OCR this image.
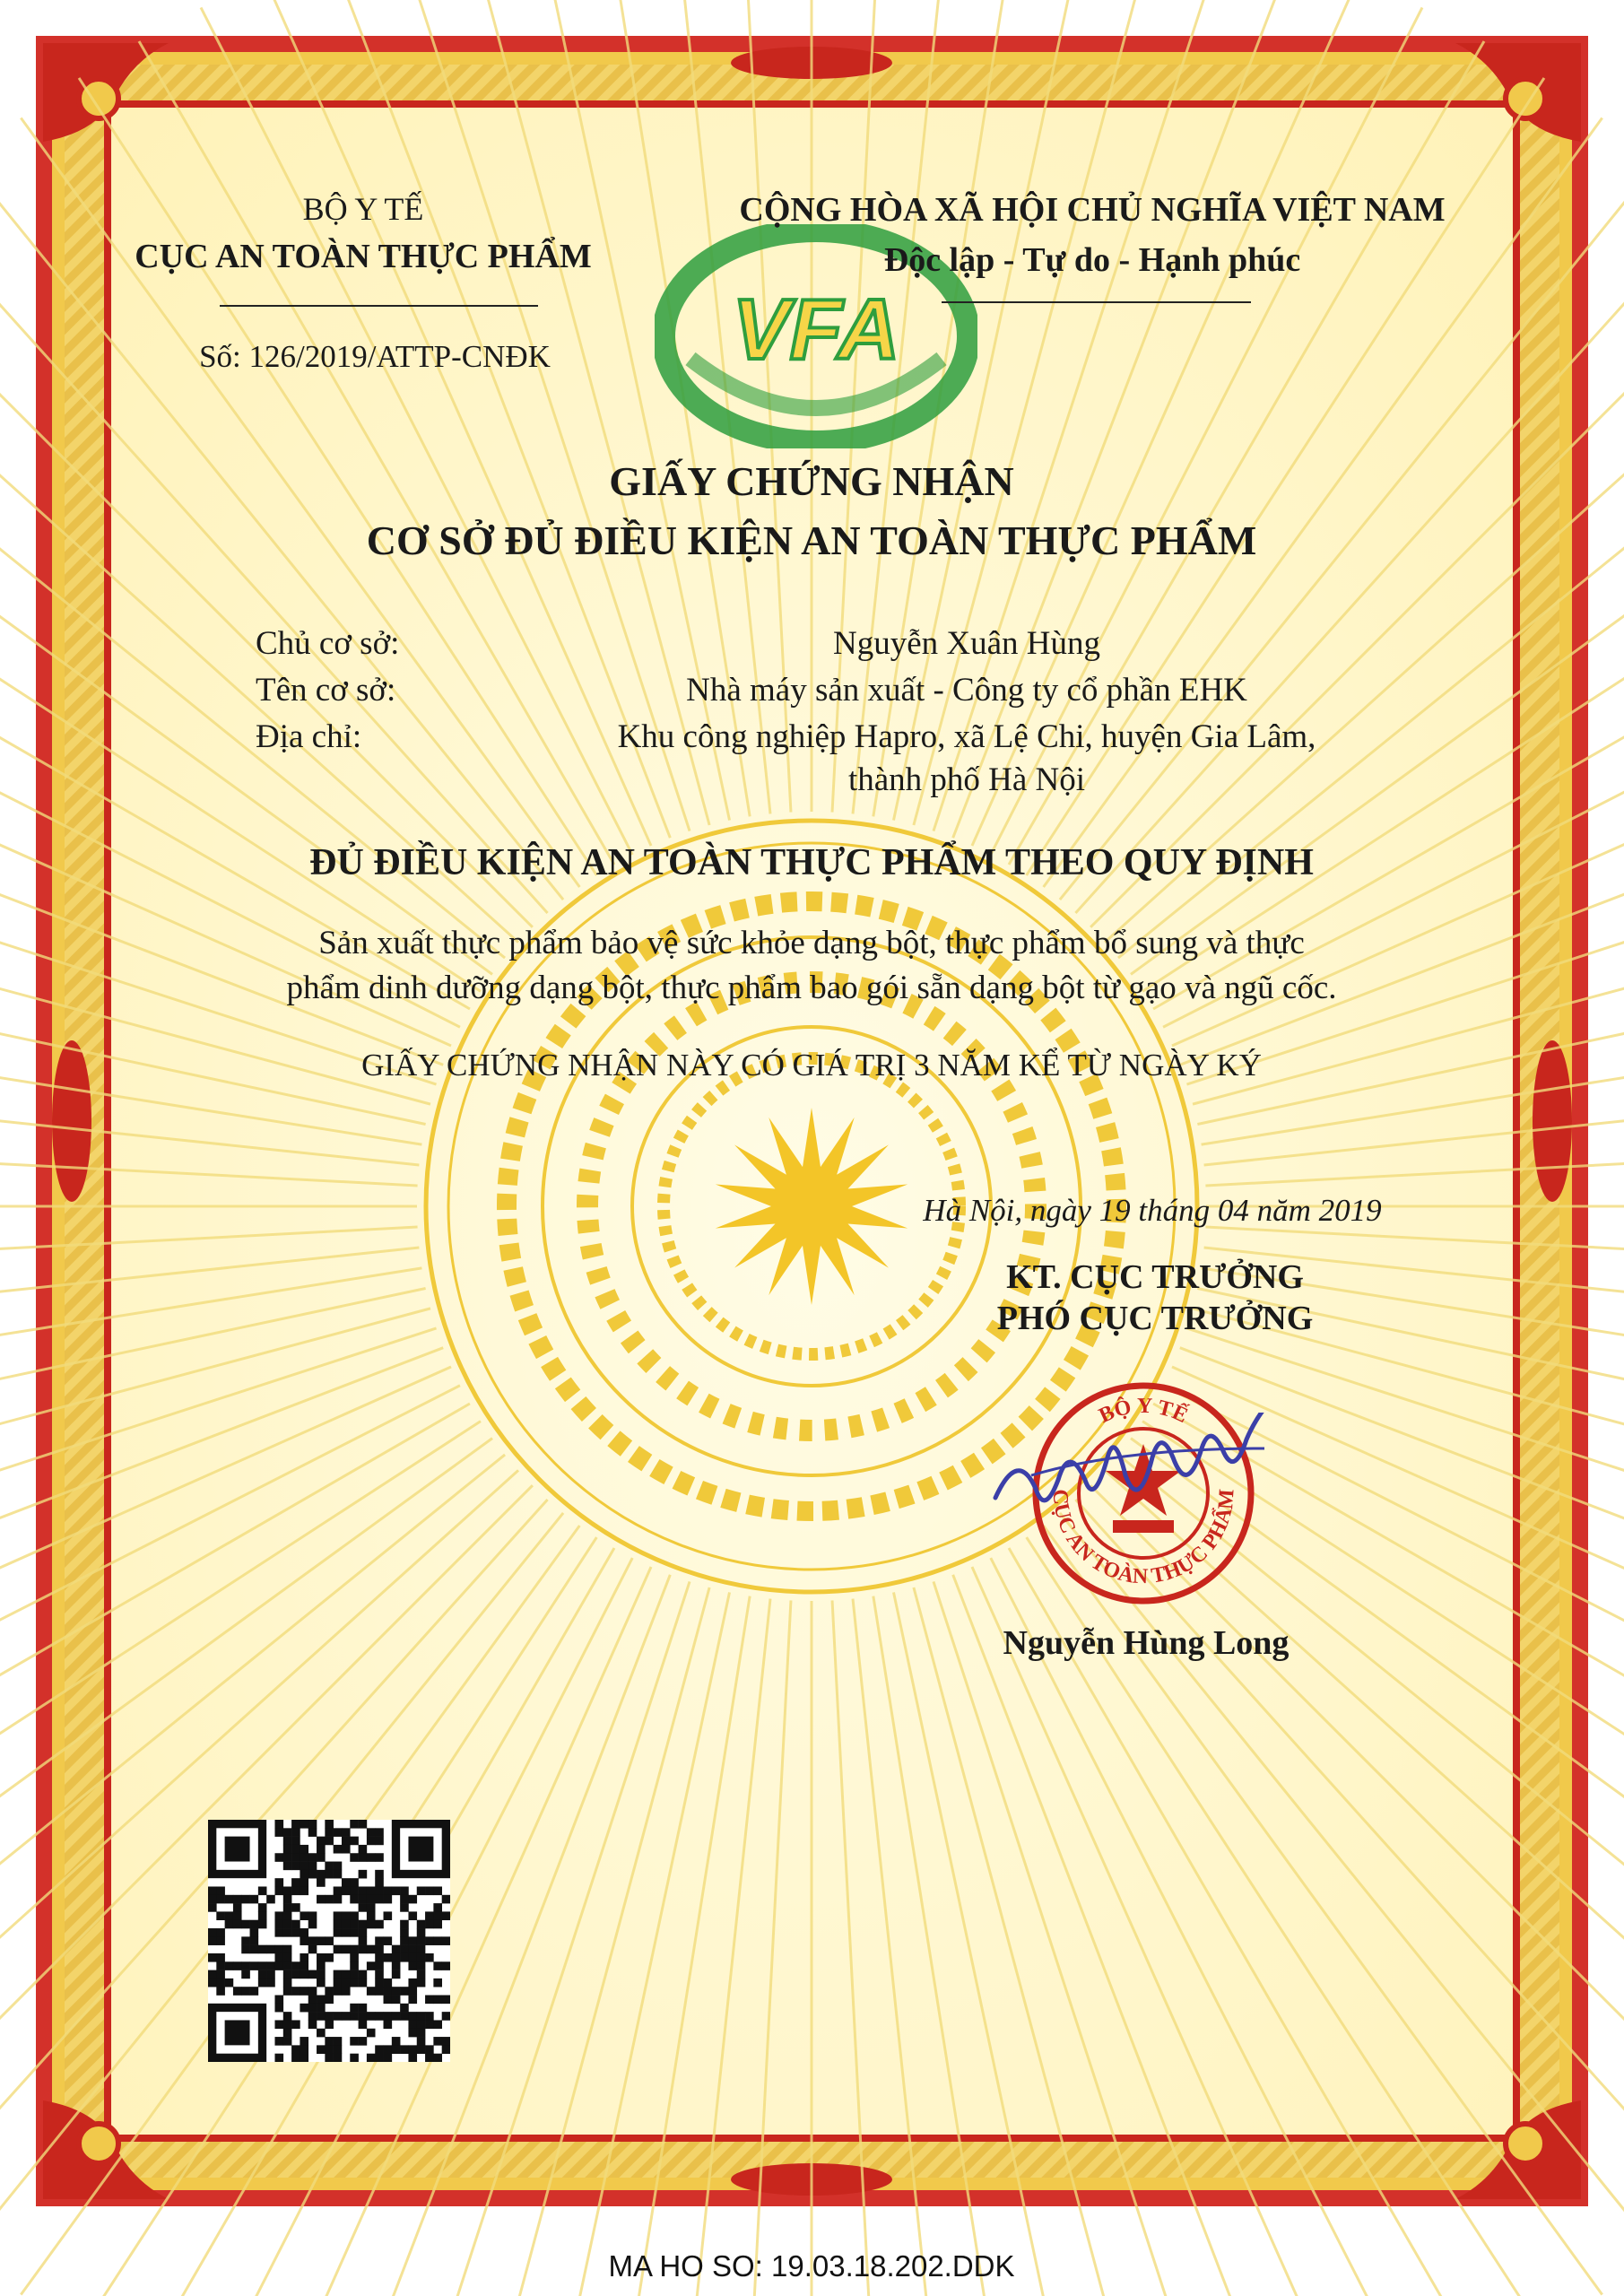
VFA
BỘ Y TẾ
CỤC AN TOÀN THỰC PHẨM
Số: 126/2019/ATTP-CNĐK
CỘNG HÒA XÃ HỘI CHỦ NGHĨA VIỆT NAM
Độc lập - Tự do - Hạnh phúc
GIẤY CHỨNG NHẬN
CƠ SỞ ĐỦ ĐIỀU KIỆN AN TOÀN THỰC PHẨM
Chủ cơ sở:	Nguyễn Xuân Hùng
Tên cơ sở:	Nhà máy sản xuất - Công ty cổ phần EHK
Địa chỉ:	Khu công nghiệp Hapro, xã Lệ Chi, huyện Gia Lâm,
thành phố Hà Nội
ĐỦ ĐIỀU KIỆN AN TOÀN THỰC PHẨM THEO QUY ĐỊNH
Sản xuất thực phẩm bảo vệ sức khỏe dạng bột, thực phẩm bổ sung và thực
phẩm dinh dưỡng dạng bột, thực phẩm bao gói sẵn dạng bột từ gạo và ngũ cốc.
GIẤY CHỨNG NHẬN NÀY CÓ GIÁ TRỊ 3 NĂM KỂ TỪ NGÀY KÝ
Hà Nội, ngày 19 tháng 04 năm 2019
KT. CỤC TRƯỞNG
PHÓ CỤC TRƯỞNG
BỘ Y TẾ
CỤC AN TOÀN THỰC PHẨM
Nguyễn Hùng Long
MA HO SO: 19.03.18.202.DDK
